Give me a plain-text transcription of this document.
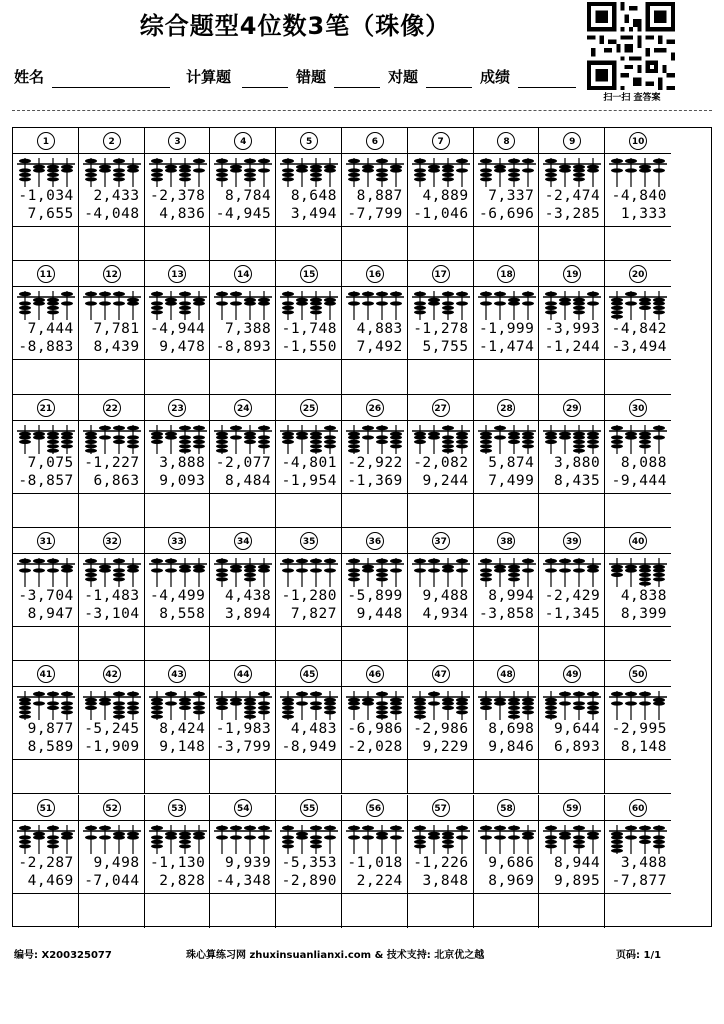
综合题型4位数3笔（珠像）
扫一扫 查答案
姓名	计算题	错题	对题	成绩
1
-1,034
7,655
2
2,433
-4,048
3
-2,378
4,836
4
8,784
-4,945
5
8,648
3,494
6
8,887
-7,799
7
4,889
-1,046
8
7,337
-6,696
9
-2,474
-3,285
10
-4,840
1,333
11
7,444
-8,883
12
7,781
8,439
13
-4,944
9,478
14
7,388
-8,893
15
-1,748
-1,550
16
4,883
7,492
17
-1,278
5,755
18
-1,999
-1,474
19
-3,993
-1,244
20
-4,842
-3,494
21
7,075
-8,857
22
-1,227
6,863
23
3,888
9,093
24
-2,077
8,484
25
-4,801
-1,954
26
-2,922
-1,369
27
-2,082
9,244
28
5,874
7,499
29
3,880
8,435
30
8,088
-9,444
31
-3,704
8,947
32
-1,483
-3,104
33
-4,499
8,558
34
4,438
3,894
35
-1,280
7,827
36
-5,899
9,448
37
9,488
4,934
38
8,994
-3,858
39
-2,429
-1,345
40
4,838
8,399
41
9,877
8,589
42
-5,245
-1,909
43
8,424
9,148
44
-1,983
-3,799
45
4,483
-8,949
46
-6,986
-2,028
47
-2,986
9,229
48
8,698
9,846
49
9,644
6,893
50
-2,995
8,148
51
-2,287
4,469
52
9,498
-7,044
53
-1,130
2,828
54
9,939
-4,348
55
-5,353
-2,890
56
-1,018
2,224
57
-1,226
3,848
58
9,686
8,969
59
8,944
9,895
60
3,488
-7,877
编号: X200325077	珠心算练习网 zhuxinsuanlianxi.com & 技术支持: 北京优之越	页码: 1/1
